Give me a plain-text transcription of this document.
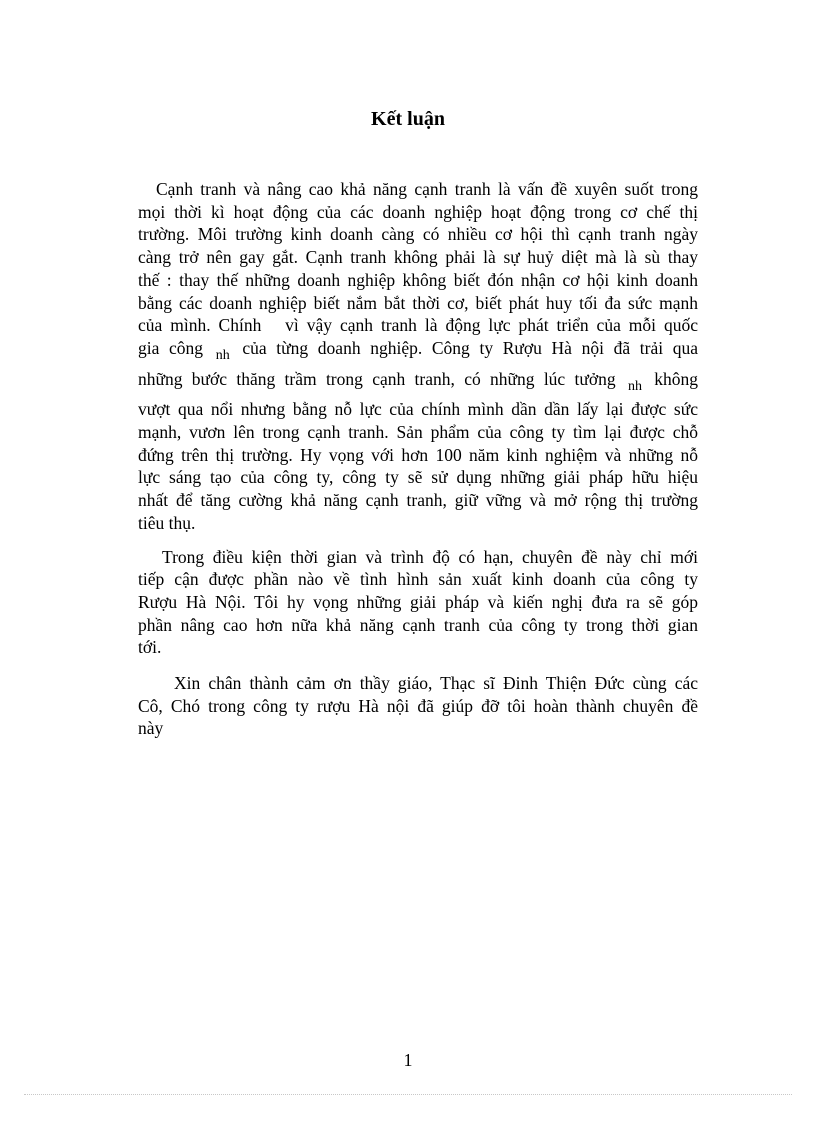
Kết luận

Cạnh tranh và nâng cao khả năng cạnh tranh là vấn đề xuyên suốt trong
mọi thời kì hoạt động của các doanh nghiệp hoạt động trong cơ chế thị
trường. Môi trường kinh doanh càng có nhiều cơ hội thì cạnh tranh ngày
càng trở nên gay gắt. Cạnh tranh không phải là sự huỷ diệt mà là sù thay
thế : thay thế những doanh nghiệp không biết đón nhận cơ hội kinh doanh
bằng các doanh nghiệp biết nắm bắt thời cơ, biết phát huy tối đa sức mạnh
của mình. Chính   vì vậy cạnh tranh là động lực phát triển của mỗi quốc
gia công $_{nh}$ của từng doanh nghiệp. Công ty Rượu Hà nội đã trải qua
những bước thăng trầm trong cạnh tranh, có những lúc tưởng $_{nh}$ không
vượt qua nổi nhưng bằng nỗ lực của chính mình dần dần lấy lại được sức
mạnh, vươn lên trong cạnh tranh. Sản phẩm của công ty tìm lại được chỗ
đứng trên thị trường. Hy vọng với hơn 100 năm kinh nghiệm và những nỗ
lực sáng tạo của công ty, công ty sẽ sử dụng những giải pháp hữu hiệu
nhất để tăng cường khả năng cạnh tranh, giữ vững và mở rộng thị trường
tiêu thụ.

Trong điều kiện thời gian và trình độ có hạn, chuyên đề này chỉ mới
tiếp cận được phần nào về tình hình sản xuất kinh doanh của công ty
Rượu Hà Nội. Tôi hy vọng những giải pháp và kiến nghị đưa ra sẽ góp
phần nâng cao hơn nữa khả năng cạnh tranh của công ty trong thời gian
tới.

Xin chân thành cảm ơn thầy giáo, Thạc sĩ Đinh Thiện Đức cùng các
Cô, Chó trong công ty rượu Hà nội đã giúp đỡ tôi hoàn thành chuyên đề
này

1
